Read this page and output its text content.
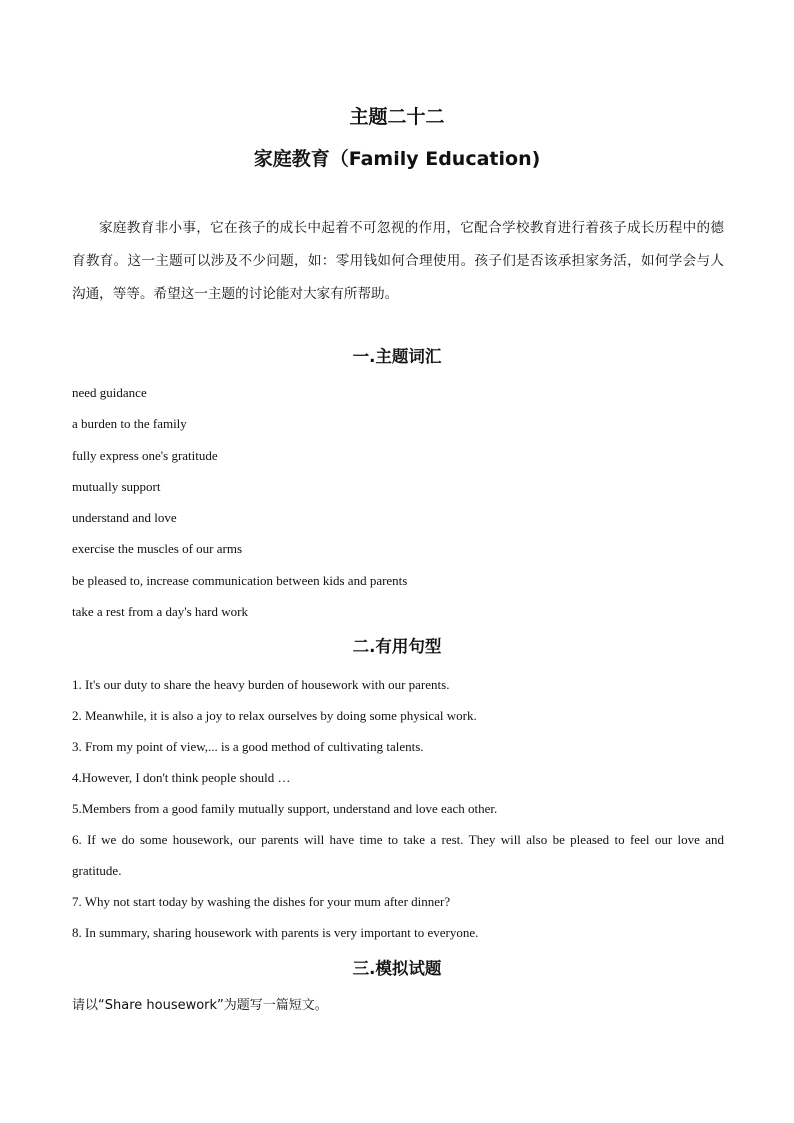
主题二十二
家庭教育（Family Education)

家庭教育非小事，它在孩子的成长中起着不可忽视的作用，它配合学校教育进行着孩子成长历程中的德育教育。这一主题可以涉及不少问题，如：零用钱如何合理使用。孩子们是否该承担家务活，如何学会与人沟通，等等。希望这一主题的讨论能对大家有所帮助。

一.主题词汇
need guidance
a burden to the family
fully express one's gratitude
mutually support
understand and love
exercise the muscles of our arms
be pleased to, increase communication between kids and parents
take a rest from a day's hard work
二.有用句型
1. It's our duty to share the heavy burden of housework with our parents.
2. Meanwhile, it is also a joy to relax ourselves by doing some physical work.
3. From my point of view,... is a good method of cultivating talents.
4.However, I don't think people should …
5.Members from a good family mutually support, understand and love each other.
6. If we do some housework, our parents will have time to take a rest. They will also be pleased to feel our love and gratitude.
7. Why not start today by washing the dishes for your mum after dinner?
8. In summary, sharing housework with parents is very important to everyone.
三.模拟试题
请以“Share housework”为题写一篇短文。
